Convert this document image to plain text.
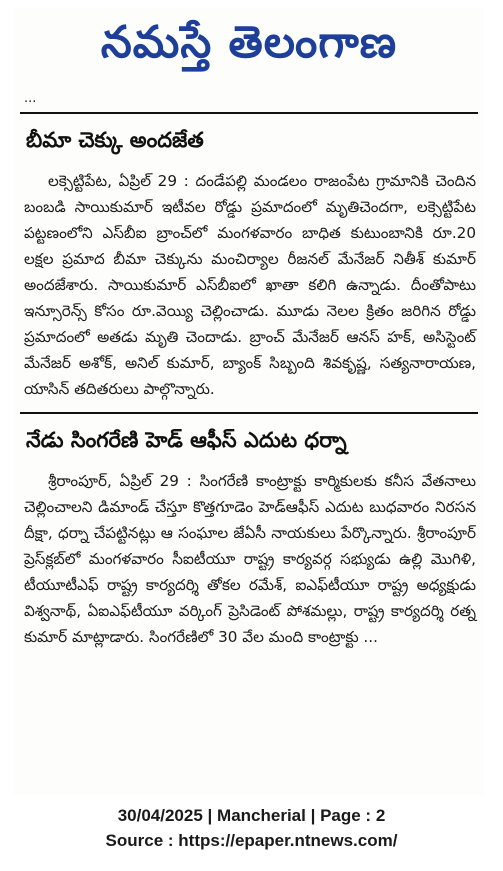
నమస్తే తెలంగాణ
...
బీమా చెక్కు అందజేత

లక్సెట్టిపేట, ఏప్రిల్ 29 : దండేపల్లి మండలం రాజంపేట గ్రామానికి చెందిన బంబడి సాయికుమార్ ఇటీవల రోడ్డు ప్రమాదంలో మృతిచెందగా, లక్సెట్టిపేట పట్టణంలోని ఎస్‌బీఐ బ్రాంచ్‌లో మంగళవారం బాధిత కుటుంబానికి రూ.20 లక్షల ప్రమాద బీమా చెక్కును మంచిర్యాల రీజనల్ మేనేజర్ నితీశ్ కుమార్ అందజేశారు. సాయికుమార్ ఎస్‌బీఐలో ఖాతా కలిగి ఉన్నాడు. దీంతోపాటు ఇన్సూరెన్స్ కోసం రూ.వెయ్యి చెల్లించాడు. మూడు నెలల క్రితం జరిగిన రోడ్డు ప్రమాదంలో అతడు మృతి చెందాడు. బ్రాంచ్ మేనేజర్ ఆనస్ హక్, అసిస్టెంట్ మేనేజర్ అశోక్, అనిల్ కుమార్, బ్యాంక్ సిబ్బంది శివకృష్ణ, సత్యనారాయణ, యాసిన్ తదితరులు పాల్గొన్నారు.

నేడు సింగరేణి హెడ్ ఆఫీస్ ఎదుట ధర్నా

శ్రీరాంపూర్, ఏప్రిల్ 29 : సింగరేణి కాంట్రాక్టు కార్మికులకు కనీస వేతనాలు చెల్లించాలని డిమాండ్ చేస్తూ కొత్తగూడెం హెడ్‌ఆఫీస్ ఎదుట బుధవారం నిరసన దీక్షా, ధర్నా చేపట్టినట్లు ఆ సంఘాల జేఏసీ నాయకులు పేర్కొన్నారు. శ్రీరాంపూర్ ప్రెస్‌క్లబ్‌లో మంగళవారం సీఐటీయూ రాష్ట్ర కార్యవర్గ సభ్యుడు ఉల్లి మొగిళి, టీయూటీఎఫ్ రాష్ట్ర కార్యదర్శి తోకల రమేశ్, ఐఎఫ్‌టీయూ రాష్ట్ర అధ్యక్షుడు విశ్వనాథ్, ఏఐఎఫ్‌టీయూ వర్కింగ్ ప్రెసిడెంట్ పోశమల్లు, రాష్ట్ర కార్యదర్శి రత్న కుమార్ మాట్లాడారు. సింగరేణిలో 30 వేల మంది కాంట్రాక్టు ...

30/04/2025 | Mancherial | Page : 2
Source : https://epaper.ntnews.com/
